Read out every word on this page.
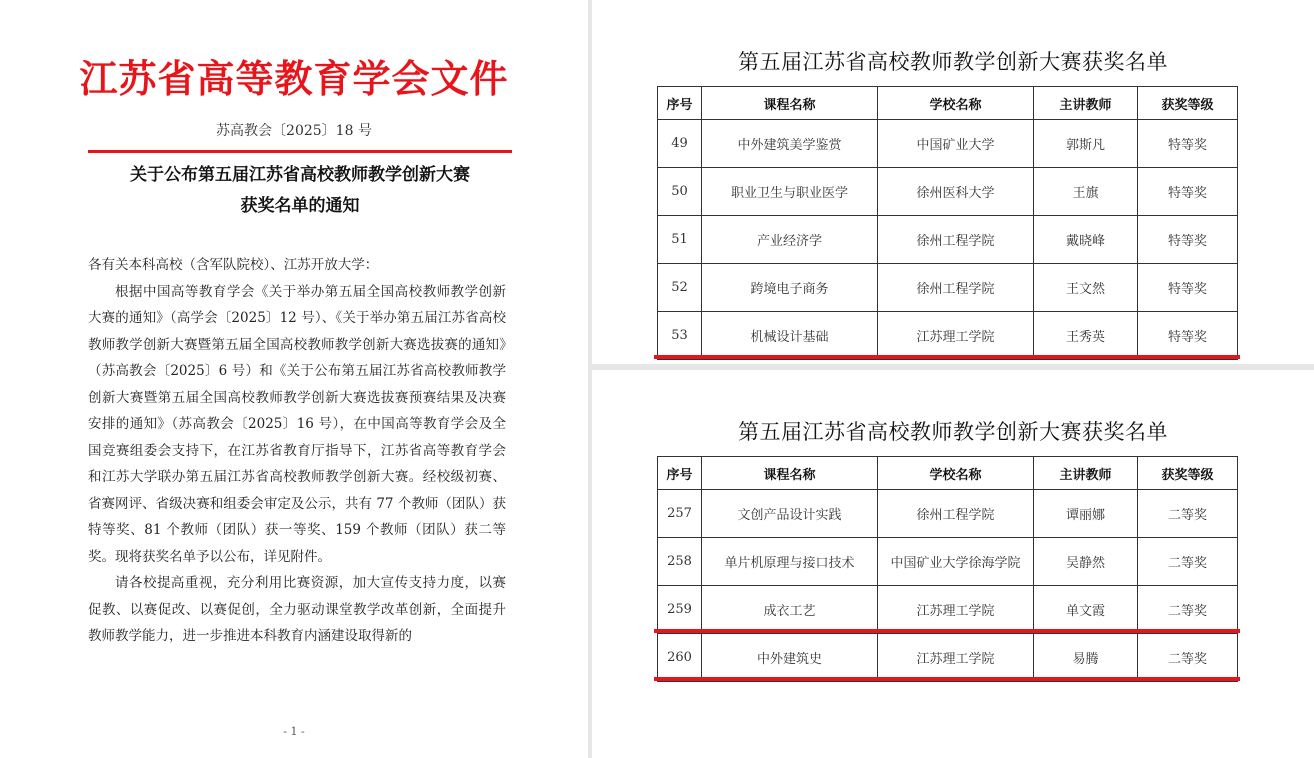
江苏省高等教育学会文件
苏高教会〔2025〕18 号
关于公布第五届江苏省高校教师教学创新大赛
获奖名单的通知

各有关本科高校（含军队院校）、江苏开放大学：

根据中国高等教育学会《关于举办第五届全国高校教师教学创新大赛的通知》（高学会〔2025〕12 号）、《关于举办第五届江苏省高校教师教学创新大赛暨第五届全国高校教师教学创新大赛选拔赛的通知》（苏高教会〔2025〕6 号）和《关于公布第五届江苏省高校教师教学创新大赛暨第五届全国高校教师教学创新大赛选拔赛预赛结果及决赛安排的通知》（苏高教会〔2025〕16 号），在中国高等教育学会及全国竞赛组委会支持下，在江苏省教育厅指导下，江苏省高等教育学会和江苏大学联办第五届江苏省高校教师教学创新大赛。经校级初赛、省赛网评、省级决赛和组委会审定及公示，共有 77 个教师（团队）获特等奖、81 个教师（团队）获一等奖、159 个教师（团队）获二等奖。现将获奖名单予以公布，详见附件。

请各校提高重视，充分利用比赛资源，加大宣传支持力度，以赛促教、以赛促改、以赛促创，全力驱动课堂教学改革创新，全面提升教师教学能力，进一步推进本科教育内涵建设取得新的

- 1 -
第五届江苏省高校教师教学创新大赛获奖名单
序号	课程名称	学校名称	主讲教师	获奖等级
49	中外建筑美学鉴赏	中国矿业大学	郭斯凡	特等奖
50	职业卫生与职业医学	徐州医科大学	王旗	特等奖
51	产业经济学	徐州工程学院	戴晓峰	特等奖
52	跨境电子商务	徐州工程学院	王文然	特等奖
53	机械设计基础	江苏理工学院	王秀英	特等奖
第五届江苏省高校教师教学创新大赛获奖名单
序号	课程名称	学校名称	主讲教师	获奖等级
257	文创产品设计实践	徐州工程学院	谭丽娜	二等奖
258	单片机原理与接口技术	中国矿业大学徐海学院	吴静然	二等奖
259	成衣工艺	江苏理工学院	单文霞	二等奖
260	中外建筑史	江苏理工学院	易腾	二等奖
